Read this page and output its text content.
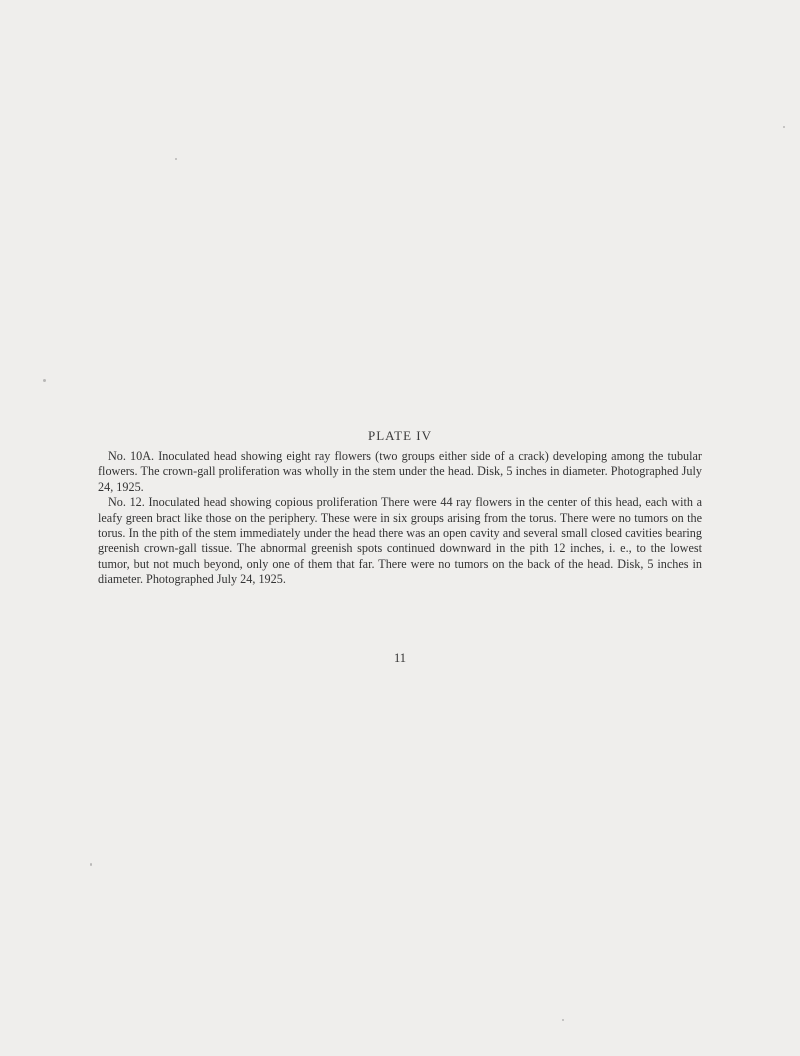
PLATE IV

No. 10A. Inoculated head showing eight ray flowers (two groups either side of a crack) developing among the tubular flowers. The crown-gall proliferation was wholly in the stem under the head. Disk, 5 inches in diameter. Photographed July 24, 1925.

No. 12. Inoculated head showing copious proliferation There were 44 ray flowers in the center of this head, each with a leafy green bract like those on the periphery. These were in six groups arising from the torus. There were no tumors on the torus. In the pith of the stem immediately under the head there was an open cavity and several small closed cavities bearing greenish crown-gall tissue. The abnormal greenish spots continued downward in the pith 12 inches, i. e., to the lowest tumor, but not much beyond, only one of them that far. There were no tumors on the back of the head. Disk, 5 inches in diameter. Photographed July 24, 1925.

11
